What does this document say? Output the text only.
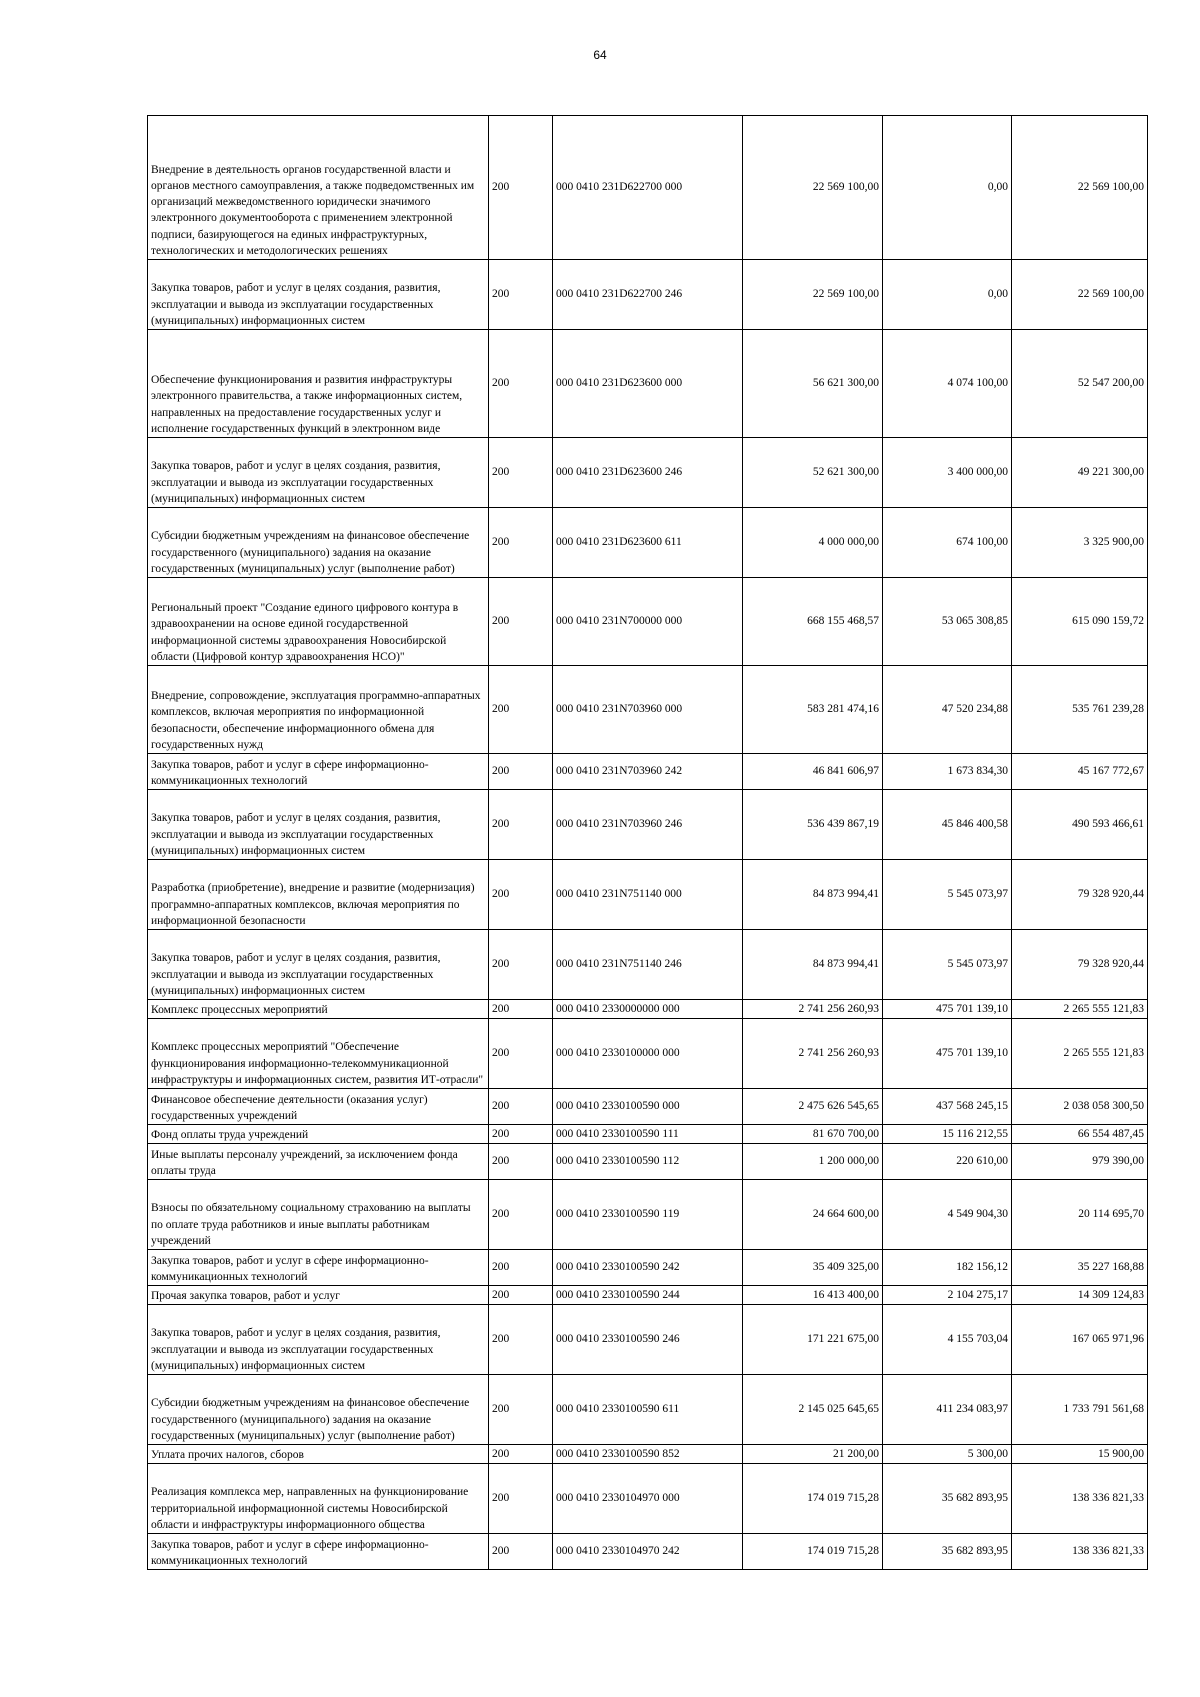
64
Внедрение в деятельность органов государственной власти и органов местного самоуправления, а также подведомственных им организаций межведомственного юридически значимого электронного документооборота с применением электронной подписи, базирующегося на единых инфраструктурных, технологических и методологических решениях	200	000 0410 231D622700 000	22 569 100,00	0,00	22 569 100,00
Закупка товаров, работ и услуг в целях создания, развития, эксплуатации и вывода из эксплуатации государственных (муниципальных) информационных систем	200	000 0410 231D622700 246	22 569 100,00	0,00	22 569 100,00
Обеспечение функционирования и развития инфраструктуры электронного правительства, а также информационных систем, направленных на предоставление государственных услуг и исполнение государственных функций в электронном виде	200	000 0410 231D623600 000	56 621 300,00	4 074 100,00	52 547 200,00
Закупка товаров, работ и услуг в целях создания, развития, эксплуатации и вывода из эксплуатации государственных (муниципальных) информационных систем	200	000 0410 231D623600 246	52 621 300,00	3 400 000,00	49 221 300,00
Субсидии бюджетным учреждениям на финансовое обеспечение государственного (муниципального) задания на оказание государственных (муниципальных) услуг (выполнение работ)	200	000 0410 231D623600 611	4 000 000,00	674 100,00	3 325 900,00
Региональный проект "Создание единого цифрового контура в здравоохранении на основе единой государственной информационной системы здравоохранения Новосибирской области (Цифровой контур здравоохранения НСО)"	200	000 0410 231N700000 000	668 155 468,57	53 065 308,85	615 090 159,72
Внедрение, сопровождение, эксплуатация программно-аппаратных комплексов, включая мероприятия по информационной безопасности, обеспечение информационного обмена для государственных нужд	200	000 0410 231N703960 000	583 281 474,16	47 520 234,88	535 761 239,28
Закупка товаров, работ и услуг в сфере информационно-коммуникационных технологий	200	000 0410 231N703960 242	46 841 606,97	1 673 834,30	45 167 772,67
Закупка товаров, работ и услуг в целях создания, развития, эксплуатации и вывода из эксплуатации государственных (муниципальных) информационных систем	200	000 0410 231N703960 246	536 439 867,19	45 846 400,58	490 593 466,61
Разработка (приобретение), внедрение и развитие (модернизация) программно-аппаратных комплексов, включая мероприятия по информационной безопасности	200	000 0410 231N751140 000	84 873 994,41	5 545 073,97	79 328 920,44
Закупка товаров, работ и услуг в целях создания, развития, эксплуатации и вывода из эксплуатации государственных (муниципальных) информационных систем	200	000 0410 231N751140 246	84 873 994,41	5 545 073,97	79 328 920,44
Комплекс процессных мероприятий	200	000 0410 2330000000 000	2 741 256 260,93	475 701 139,10	2 265 555 121,83
Комплекс процессных мероприятий "Обеспечение функционирования информационно-телекоммуникационной инфраструктуры и информационных систем, развития ИТ-отрасли"	200	000 0410 2330100000 000	2 741 256 260,93	475 701 139,10	2 265 555 121,83
Финансовое обеспечение деятельности (оказания услуг) государственных учреждений	200	000 0410 2330100590 000	2 475 626 545,65	437 568 245,15	2 038 058 300,50
Фонд оплаты труда учреждений	200	000 0410 2330100590 111	81 670 700,00	15 116 212,55	66 554 487,45
Иные выплаты персоналу учреждений, за исключением фонда оплаты труда	200	000 0410 2330100590 112	1 200 000,00	220 610,00	979 390,00
Взносы по обязательному социальному страхованию на выплаты по оплате труда работников и иные выплаты работникам учреждений	200	000 0410 2330100590 119	24 664 600,00	4 549 904,30	20 114 695,70
Закупка товаров, работ и услуг в сфере информационно-коммуникационных технологий	200	000 0410 2330100590 242	35 409 325,00	182 156,12	35 227 168,88
Прочая закупка товаров, работ и услуг	200	000 0410 2330100590 244	16 413 400,00	2 104 275,17	14 309 124,83
Закупка товаров, работ и услуг в целях создания, развития, эксплуатации и вывода из эксплуатации государственных (муниципальных) информационных систем	200	000 0410 2330100590 246	171 221 675,00	4 155 703,04	167 065 971,96
Субсидии бюджетным учреждениям на финансовое обеспечение государственного (муниципального) задания на оказание государственных (муниципальных) услуг (выполнение работ)	200	000 0410 2330100590 611	2 145 025 645,65	411 234 083,97	1 733 791 561,68
Уплата прочих налогов, сборов	200	000 0410 2330100590 852	21 200,00	5 300,00	15 900,00
Реализация комплекса мер, направленных на функционирование территориальной информационной системы Новосибирской области и инфраструктуры информационного общества	200	000 0410 2330104970 000	174 019 715,28	35 682 893,95	138 336 821,33
Закупка товаров, работ и услуг в сфере информационно-коммуникационных технологий	200	000 0410 2330104970 242	174 019 715,28	35 682 893,95	138 336 821,33
